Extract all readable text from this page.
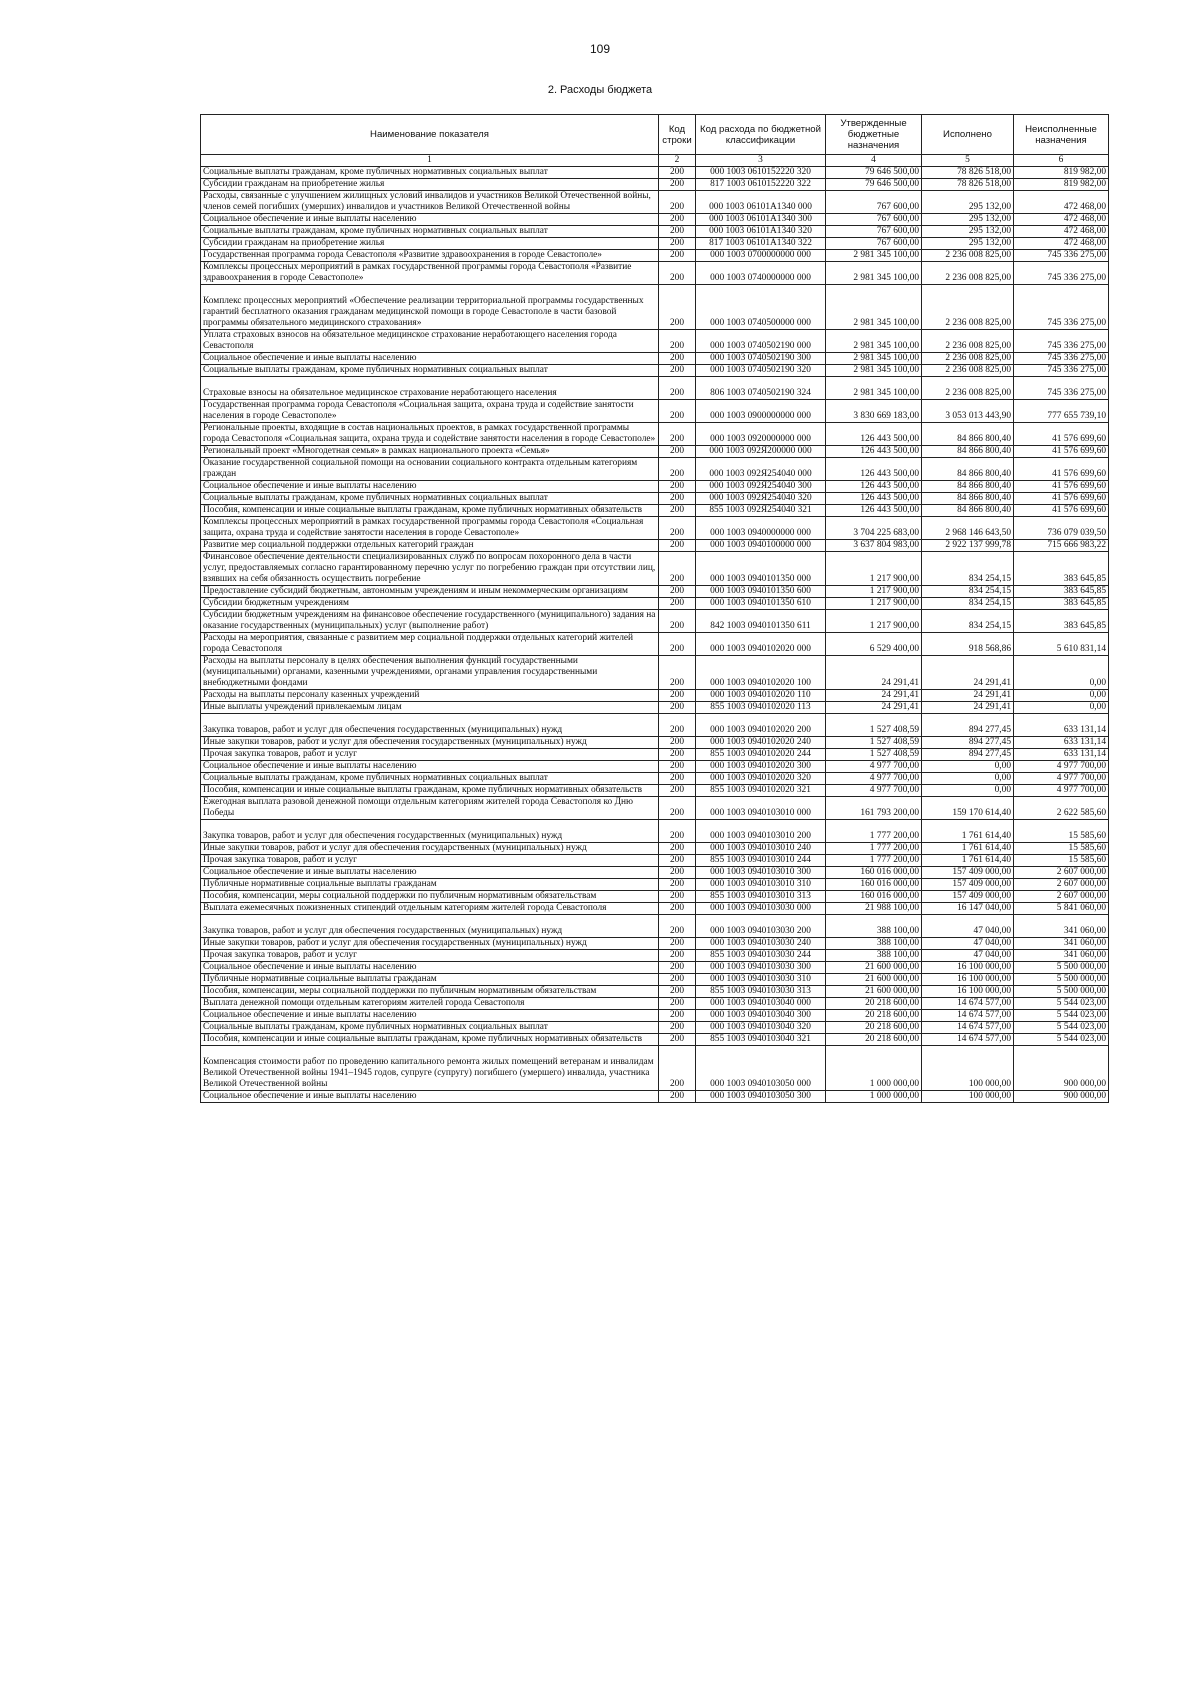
109
2. Расходы бюджета
Наименование показателя	Код строки	Код расхода по бюджетной классификации	Утвержденные бюджетные назначения	Исполнено	Неисполненные назначения
1	2	3	4	5	6
Социальные выплаты гражданам, кроме публичных нормативных социальных выплат	200	000 1003 0610152220 320	79 646 500,00	78 826 518,00	819 982,00
Субсидии гражданам на приобретение жилья	200	817 1003 0610152220 322	79 646 500,00	78 826 518,00	819 982,00
Расходы, связанные с улучшением жилищных условий инвалидов и участников Великой Отечественной войны, членов семей погибших (умерших) инвалидов и участников Великой Отечественной войны	200	000 1003 06101А1340 000	767 600,00	295 132,00	472 468,00
Социальное обеспечение и иные выплаты населению	200	000 1003 06101А1340 300	767 600,00	295 132,00	472 468,00
Социальные выплаты гражданам, кроме публичных нормативных социальных выплат	200	000 1003 06101А1340 320	767 600,00	295 132,00	472 468,00
Субсидии гражданам на приобретение жилья	200	817 1003 06101А1340 322	767 600,00	295 132,00	472 468,00
Государственная программа города Севастополя «Развитие здравоохранения в городе Севастополе»	200	000 1003 0700000000 000	2 981 345 100,00	2 236 008 825,00	745 336 275,00
Комплексы процессных мероприятий в рамках государственной программы города Севастополя «Развитие здравоохранения в городе Севастополе»	200	000 1003 0740000000 000	2 981 345 100,00	2 236 008 825,00	745 336 275,00

Комплекс процессных мероприятий «Обеспечение реализации территориальной программы государственных гарантий бесплатного оказания гражданам медицинской помощи в городе Севастополе в части базовой программы обязательного медицинского страхования»	200	000 1003 0740500000 000	2 981 345 100,00	2 236 008 825,00	745 336 275,00
Уплата страховых взносов на обязательное медицинское страхование неработающего населения города Севастополя	200	000 1003 0740502190 000	2 981 345 100,00	2 236 008 825,00	745 336 275,00
Социальное обеспечение и иные выплаты населению	200	000 1003 0740502190 300	2 981 345 100,00	2 236 008 825,00	745 336 275,00
Социальные выплаты гражданам, кроме публичных нормативных социальных выплат	200	000 1003 0740502190 320	2 981 345 100,00	2 236 008 825,00	745 336 275,00

Страховые взносы на обязательное медицинское страхование неработающего населения	200	806 1003 0740502190 324	2 981 345 100,00	2 236 008 825,00	745 336 275,00
Государственная программа города Севастополя «Социальная защита, охрана труда и содействие занятости населения в городе Севастополе»	200	000 1003 0900000000 000	3 830 669 183,00	3 053 013 443,90	777 655 739,10
Региональные проекты, входящие в состав национальных проектов, в рамках государственной программы города Севастополя «Социальная защита, охрана труда и содействие занятости населения в городе Севастополе»	200	000 1003 0920000000 000	126 443 500,00	84 866 800,40	41 576 699,60
Региональный проект «Многодетная семья» в рамках национального проекта «Семья»	200	000 1003 092Я200000 000	126 443 500,00	84 866 800,40	41 576 699,60
Оказание государственной социальной помощи на основании социального контракта отдельным категориям граждан	200	000 1003 092Я254040 000	126 443 500,00	84 866 800,40	41 576 699,60
Социальное обеспечение и иные выплаты населению	200	000 1003 092Я254040 300	126 443 500,00	84 866 800,40	41 576 699,60
Социальные выплаты гражданам, кроме публичных нормативных социальных выплат	200	000 1003 092Я254040 320	126 443 500,00	84 866 800,40	41 576 699,60
Пособия, компенсации и иные социальные выплаты гражданам, кроме публичных нормативных обязательств	200	855 1003 092Я254040 321	126 443 500,00	84 866 800,40	41 576 699,60
Комплексы процессных мероприятий в рамках государственной программы города Севастополя «Социальная защита, охрана труда и содействие занятости населения в городе Севастополе»	200	000 1003 0940000000 000	3 704 225 683,00	2 968 146 643,50	736 079 039,50
Развитие мер социальной поддержки отдельных категорий граждан	200	000 1003 0940100000 000	3 637 804 983,00	2 922 137 999,78	715 666 983,22
Финансовое обеспечение деятельности специализированных служб по вопросам похоронного дела в части услуг, предоставляемых согласно гарантированному перечню услуг по погребению граждан при отсутствии лиц, взявших на себя обязанность осуществить погребение	200	000 1003 0940101350 000	1 217 900,00	834 254,15	383 645,85
Предоставление субсидий бюджетным, автономным учреждениям и иным некоммерческим организациям	200	000 1003 0940101350 600	1 217 900,00	834 254,15	383 645,85
Субсидии бюджетным учреждениям	200	000 1003 0940101350 610	1 217 900,00	834 254,15	383 645,85
Субсидии бюджетным учреждениям на финансовое обеспечение государственного (муниципального) задания на оказание государственных (муниципальных) услуг (выполнение работ)	200	842 1003 0940101350 611	1 217 900,00	834 254,15	383 645,85
Расходы на мероприятия, связанные с развитием мер социальной поддержки отдельных категорий жителей города Севастополя	200	000 1003 0940102020 000	6 529 400,00	918 568,86	5 610 831,14
Расходы на выплаты персоналу в целях обеспечения выполнения функций государственными (муниципальными) органами, казенными учреждениями, органами управления государственными внебюджетными фондами	200	000 1003 0940102020 100	24 291,41	24 291,41	0,00
Расходы на выплаты персоналу казенных учреждений	200	000 1003 0940102020 110	24 291,41	24 291,41	0,00
Иные выплаты учреждений привлекаемым лицам	200	855 1003 0940102020 113	24 291,41	24 291,41	0,00

Закупка товаров, работ и услуг для обеспечения государственных (муниципальных) нужд	200	000 1003 0940102020 200	1 527 408,59	894 277,45	633 131,14
Иные закупки товаров, работ и услуг для обеспечения государственных (муниципальных) нужд	200	000 1003 0940102020 240	1 527 408,59	894 277,45	633 131,14
Прочая закупка товаров, работ и услуг	200	855 1003 0940102020 244	1 527 408,59	894 277,45	633 131,14
Социальное обеспечение и иные выплаты населению	200	000 1003 0940102020 300	4 977 700,00	0,00	4 977 700,00
Социальные выплаты гражданам, кроме публичных нормативных социальных выплат	200	000 1003 0940102020 320	4 977 700,00	0,00	4 977 700,00
Пособия, компенсации и иные социальные выплаты гражданам, кроме публичных нормативных обязательств	200	855 1003 0940102020 321	4 977 700,00	0,00	4 977 700,00
Ежегодная выплата разовой денежной помощи отдельным категориям жителей города Севастополя ко Дню Победы	200	000 1003 0940103010 000	161 793 200,00	159 170 614,40	2 622 585,60

Закупка товаров, работ и услуг для обеспечения государственных (муниципальных) нужд	200	000 1003 0940103010 200	1 777 200,00	1 761 614,40	15 585,60
Иные закупки товаров, работ и услуг для обеспечения государственных (муниципальных) нужд	200	000 1003 0940103010 240	1 777 200,00	1 761 614,40	15 585,60
Прочая закупка товаров, работ и услуг	200	855 1003 0940103010 244	1 777 200,00	1 761 614,40	15 585,60
Социальное обеспечение и иные выплаты населению	200	000 1003 0940103010 300	160 016 000,00	157 409 000,00	2 607 000,00
Публичные нормативные социальные выплаты гражданам	200	000 1003 0940103010 310	160 016 000,00	157 409 000,00	2 607 000,00
Пособия, компенсации, меры социальной поддержки по публичным нормативным обязательствам	200	855 1003 0940103010 313	160 016 000,00	157 409 000,00	2 607 000,00
Выплата ежемесячных пожизненных стипендий отдельным категориям жителей города Севастополя	200	000 1003 0940103030 000	21 988 100,00	16 147 040,00	5 841 060,00

Закупка товаров, работ и услуг для обеспечения государственных (муниципальных) нужд	200	000 1003 0940103030 200	388 100,00	47 040,00	341 060,00
Иные закупки товаров, работ и услуг для обеспечения государственных (муниципальных) нужд	200	000 1003 0940103030 240	388 100,00	47 040,00	341 060,00
Прочая закупка товаров, работ и услуг	200	855 1003 0940103030 244	388 100,00	47 040,00	341 060,00
Социальное обеспечение и иные выплаты населению	200	000 1003 0940103030 300	21 600 000,00	16 100 000,00	5 500 000,00
Публичные нормативные социальные выплаты гражданам	200	000 1003 0940103030 310	21 600 000,00	16 100 000,00	5 500 000,00
Пособия, компенсации, меры социальной поддержки по публичным нормативным обязательствам	200	855 1003 0940103030 313	21 600 000,00	16 100 000,00	5 500 000,00
Выплата денежной помощи отдельным категориям жителей города Севастополя	200	000 1003 0940103040 000	20 218 600,00	14 674 577,00	5 544 023,00
Социальное обеспечение и иные выплаты населению	200	000 1003 0940103040 300	20 218 600,00	14 674 577,00	5 544 023,00
Социальные выплаты гражданам, кроме публичных нормативных социальных выплат	200	000 1003 0940103040 320	20 218 600,00	14 674 577,00	5 544 023,00
Пособия, компенсации и иные социальные выплаты гражданам, кроме публичных нормативных обязательств	200	855 1003 0940103040 321	20 218 600,00	14 674 577,00	5 544 023,00

Компенсация стоимости работ по проведению капитального ремонта жилых помещений ветеранам и инвалидам Великой Отечественной войны 1941–1945 годов, супруге (супругу) погибшего (умершего) инвалида, участника Великой Отечественной войны	200	000 1003 0940103050 000	1 000 000,00	100 000,00	900 000,00
Социальное обеспечение и иные выплаты населению	200	000 1003 0940103050 300	1 000 000,00	100 000,00	900 000,00
